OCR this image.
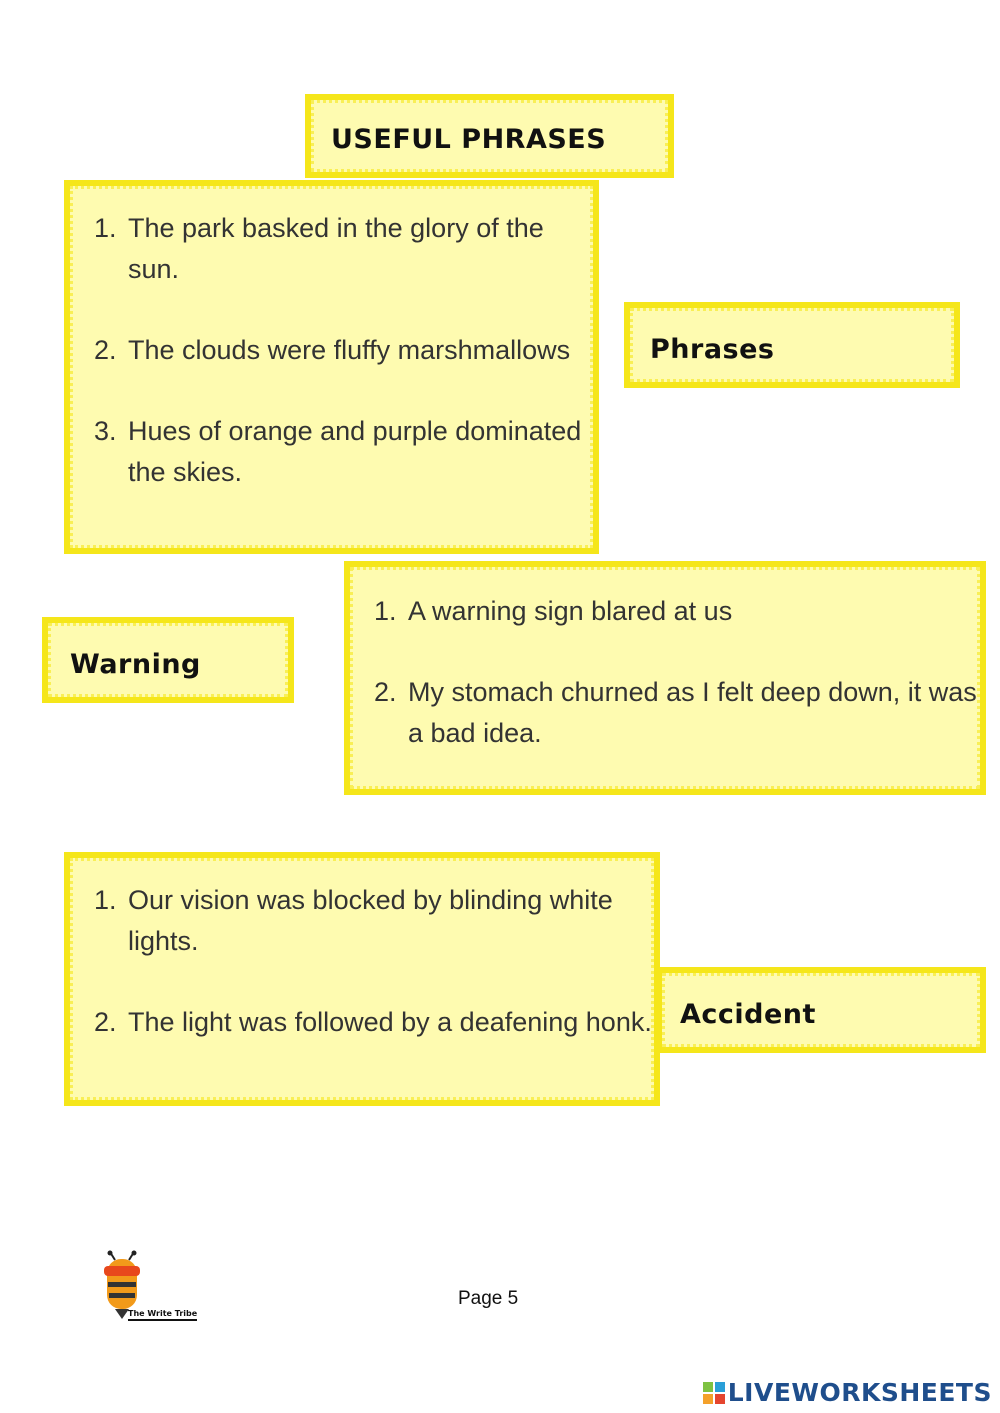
USEFUL PHRASES
1. The park basked in the glory of the sun.
2. The clouds were fluffy marshmallows
3. Hues of orange and purple dominated the skies.
Phrases
1. A warning sign blared at us
2. My stomach churned as I felt deep down, it was a bad idea.
Warning
1. Our vision was blocked by blinding white lights.
2. The light was followed by a deafening honk. Accident
The Write Tribe
Page 5
LIVEWORKSHEETS
